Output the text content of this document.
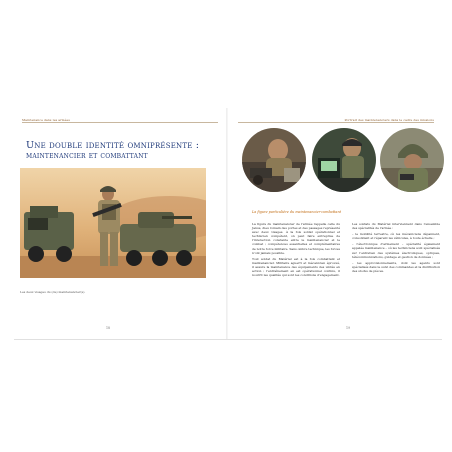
Maintenance dans les armées
Une double identité omniprésente :
maintenancier et combattant
Les deux visages du (de) maintenancier(s).
18
Portrait des maintenanciers dans le cadre des missions
La figure particulière du maintenancier-combattant

La figure du maintenancier de l'armée rappelle celle du Janus, dieu romain des portes et des passages représenté avec deux visages. À la fois soldat opérationnel et technicien compétent, on peut faire entreprise de l'interaction constante entre le maintenancier et le combat ; compétences essentielles et complémentaires de notre force militaire. Sans ombre technique, les forces n'ont jamais possible.

Tout soldat du Matériel est à la fois combattant et maintenancier. Militaire aguerri et mécanicien éprouvé, il assure la maintenance des équipements des unités en action ; l'entraînement en est opérationnel continu, il nourrit les qualités qui sont les conditions d'engagement.

Les soldats du Matériel interviennent dans l'ensemble des spécialités de l'armée :

– le mobilité terrestre, où les mécaniciens dépannent, consolident et réparent les véhicules, à toute échelle ;

– l'électronique d'armement – spécialité également appelée maintenance – où les techniciens sont spécialisés sur l'entretien des systèmes électroniques, optiques, télécommunications, guidage et gestion de données ;

– les approvisionnements, dont les agents sont spécialisés dans le suivi des commandes et la distribution des stocks de pièces.

19
